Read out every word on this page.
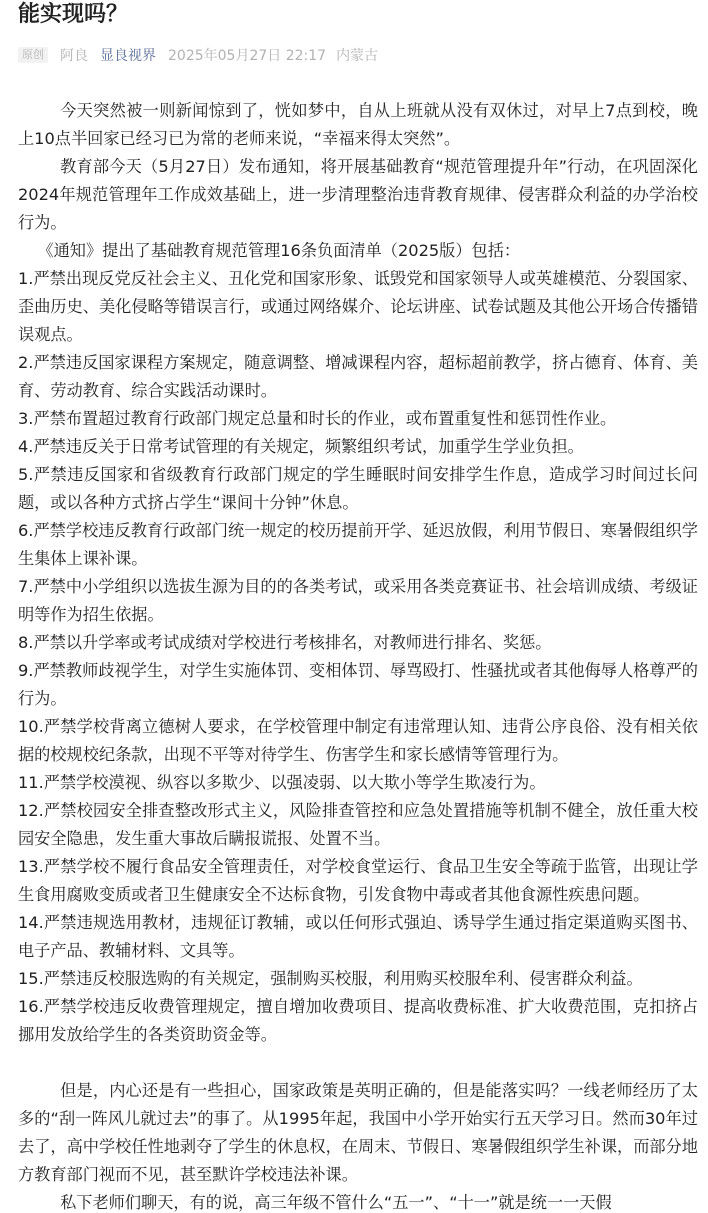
能实现吗？
原创 阿良 显良视界 2025年05月27日 22:17 内蒙古

今天突然被一则新闻惊到了，恍如梦中，自从上班就从没有双休过，对早上7点到校，晚上10点半回家已经习已为常的老师来说，“幸福来得太突然”。

教育部今天（5月27日）发布通知，将开展基础教育“规范管理提升年”行动，在巩固深化2024年规范管理年工作成效基础上，进一步清理整治违背教育规律、侵害群众利益的办学治校行为。

《通知》提出了基础教育规范管理16条负面清单（2025版）包括：

1.严禁出现反党反社会主义、丑化党和国家形象、诋毁党和国家领导人或英雄模范、分裂国家、歪曲历史、美化侵略等错误言行，或通过网络媒介、论坛讲座、试卷试题及其他公开场合传播错误观点。

2.严禁违反国家课程方案规定，随意调整、增减课程内容，超标超前教学，挤占德育、体育、美育、劳动教育、综合实践活动课时。

3.严禁布置超过教育行政部门规定总量和时长的作业，或布置重复性和惩罚性作业。

4.严禁违反关于日常考试管理的有关规定，频繁组织考试，加重学生学业负担。

5.严禁违反国家和省级教育行政部门规定的学生睡眠时间安排学生作息，造成学习时间过长问题，或以各种方式挤占学生“课间十分钟”休息。

6.严禁学校违反教育行政部门统一规定的校历提前开学、延迟放假，利用节假日、寒暑假组织学生集体上课补课。

7.严禁中小学组织以选拔生源为目的的各类考试，或采用各类竞赛证书、社会培训成绩、考级证明等作为招生依据。

8.严禁以升学率或考试成绩对学校进行考核排名，对教师进行排名、奖惩。

9.严禁教师歧视学生，对学生实施体罚、变相体罚、辱骂殴打、性骚扰或者其他侮辱人格尊严的行为。

10.严禁学校背离立德树人要求，在学校管理中制定有违常理认知、违背公序良俗、没有相关依据的校规校纪条款，出现不平等对待学生、伤害学生和家长感情等管理行为。

11.严禁学校漠视、纵容以多欺少、以强凌弱、以大欺小等学生欺凌行为。

12.严禁校园安全排查整改形式主义，风险排查管控和应急处置措施等机制不健全，放任重大校园安全隐患，发生重大事故后瞒报谎报、处置不当。

13.严禁学校不履行食品安全管理责任，对学校食堂运行、食品卫生安全等疏于监管，出现让学生食用腐败变质或者卫生健康安全不达标食物，引发食物中毒或者其他食源性疾患问题。

14.严禁违规选用教材，违规征订教辅，或以任何形式强迫、诱导学生通过指定渠道购买图书、电子产品、教辅材料、文具等。

15.严禁违反校服选购的有关规定，强制购买校服，利用购买校服牟利、侵害群众利益。

16.严禁学校违反收费管理规定，擅自增加收费项目、提高收费标准、扩大收费范围，克扣挤占挪用发放给学生的各类资助资金等。

但是，内心还是有一些担心，国家政策是英明正确的，但是能落实吗？一线老师经历了太多的“刮一阵风儿就过去”的事了。从1995年起，我国中小学开始实行五天学习日。然而30年过去了，高中学校任性地剥夺了学生的休息权，在周末、节假日、寒暑假组织学生补课，而部分地方教育部门视而不见，甚至默许学校违法补课。

私下老师们聊天，有的说，高三年级不管什么“五一”、“十一”就是统一一天假
